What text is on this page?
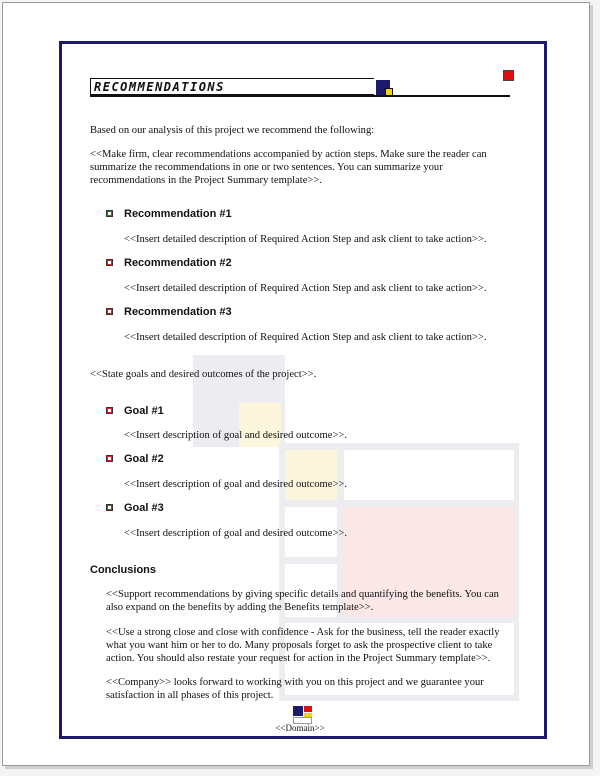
RECOMMENDATIONS
Based on our analysis of this project we recommend the following:
<<Make firm, clear recommendations accompanied by action steps. Make sure the reader can
summarize the recommendations in one or two sentences. You can summarize your
recommendations in the Project Summary template>>.
Recommendation #1
<<Insert detailed description of Required Action Step and ask client to take action>>.
Recommendation #2
<<Insert detailed description of Required Action Step and ask client to take action>>.
Recommendation #3
<<Insert detailed description of Required Action Step and ask client to take action>>.
<<State goals and desired outcomes of the project>>.
Goal #1
<<Insert description of goal and desired outcome>>.
Goal #2
<<Insert description of goal and desired outcome>>.
Goal #3
<<Insert description of goal and desired outcome>>.
Conclusions
<<Support recommendations by giving specific details and quantifying the benefits. You can
also expand on the benefits by adding the Benefits template>>.
<<Use a strong close and close with confidence - Ask for the business, tell the reader exactly
what you want him or her to do. Many proposals forget to ask the prospective client to take
action. You should also restate your request for action in the Project Summary template>>.
<<Company>> looks forward to working with you on this project and we guarantee your
satisfaction in all phases of this project.
<<Domain>>
